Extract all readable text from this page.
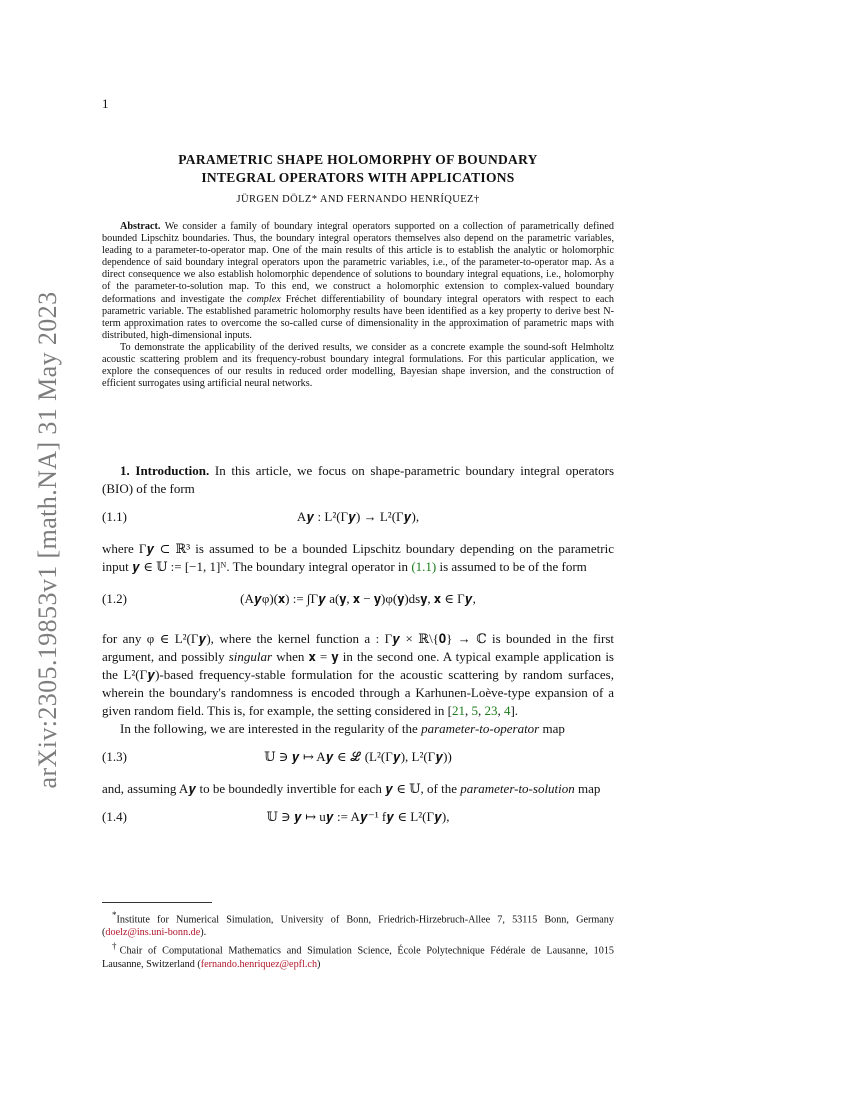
1
arXiv:2305.19853v1 [math.NA] 31 May 2023
PARAMETRIC SHAPE HOLOMORPHY OF BOUNDARY
INTEGRAL OPERATORS WITH APPLICATIONS
JÜRGEN DÖLZ* AND FERNANDO HENRÍQUEZ†

Abstract. We consider a family of boundary integral operators supported on a collection of parametrically defined bounded Lipschitz boundaries. Thus, the boundary integral operators themselves also depend on the parametric variables, leading to a parameter-to-operator map. One of the main results of this article is to establish the analytic or holomorphic dependence of said boundary integral operators upon the parametric variables, i.e., of the parameter-to-operator map. As a direct consequence we also establish holomorphic dependence of solutions to boundary integral equations, i.e., holomorphy of the parameter-to-solution map. To this end, we construct a holomorphic extension to complex-valued boundary deformations and investigate the complex Fréchet differentiability of boundary integral operators with respect to each parametric variable. The established parametric holomorphy results have been identified as a key property to derive best N-term approximation rates to overcome the so-called curse of dimensionality in the approximation of parametric maps with distributed, high-dimensional inputs.

To demonstrate the applicability of the derived results, we consider as a concrete example the sound-soft Helmholtz acoustic scattering problem and its frequency-robust boundary integral formulations. For this particular application, we explore the consequences of our results in reduced order modelling, Bayesian shape inversion, and the construction of efficient surrogates using artificial neural networks.

1. Introduction. In this article, we focus on shape-parametric boundary integral operators (BIO) of the form

(1.1)	A𝒚 : L²(Γ𝒚) → L²(Γ𝒚),

where Γ𝒚 ⊂ ℝ³ is assumed to be a bounded Lipschitz boundary depending on the parametric input 𝒚 ∈ 𝕌 := [−1, 1]ᴺ. The boundary integral operator in (1.1) is assumed to be of the form

(1.2)	(A𝒚φ)(𝐱) := ∫Γ𝒚 a(𝐲, 𝐱 − 𝐲)φ(𝐲)ds𝐲, 𝐱 ∈ Γ𝒚,

for any φ ∈ L²(Γ𝒚), where the kernel function a : Γ𝒚 × ℝ\{𝟎} → ℂ is bounded in the first argument, and possibly singular when 𝐱 = 𝐲 in the second one. A typical example application is the L²(Γ𝒚)-based frequency-stable formulation for the acoustic scattering by random surfaces, wherein the boundary's randomness is encoded through a Karhunen-Loève-type expansion of a given random field. This is, for example, the setting considered in [21, 5, 23, 4].

In the following, we are interested in the regularity of the parameter-to-operator map

(1.3)	𝕌 ∋ 𝒚 ↦ A𝒚 ∈ ℒ (L²(Γ𝒚), L²(Γ𝒚))

and, assuming A𝒚 to be boundedly invertible for each 𝒚 ∈ 𝕌, of the parameter-to-solution map

(1.4)	𝕌 ∋ 𝒚 ↦ u𝒚 := A𝒚⁻¹ f𝒚 ∈ L²(Γ𝒚),

*Institute for Numerical Simulation, University of Bonn, Friedrich-Hirzebruch-Allee 7, 53115 Bonn, Germany (doelz@ins.uni-bonn.de).

†Chair of Computational Mathematics and Simulation Science, École Polytechnique Fédérale de Lausanne, 1015 Lausanne, Switzerland (fernando.henriquez@epfl.ch)
